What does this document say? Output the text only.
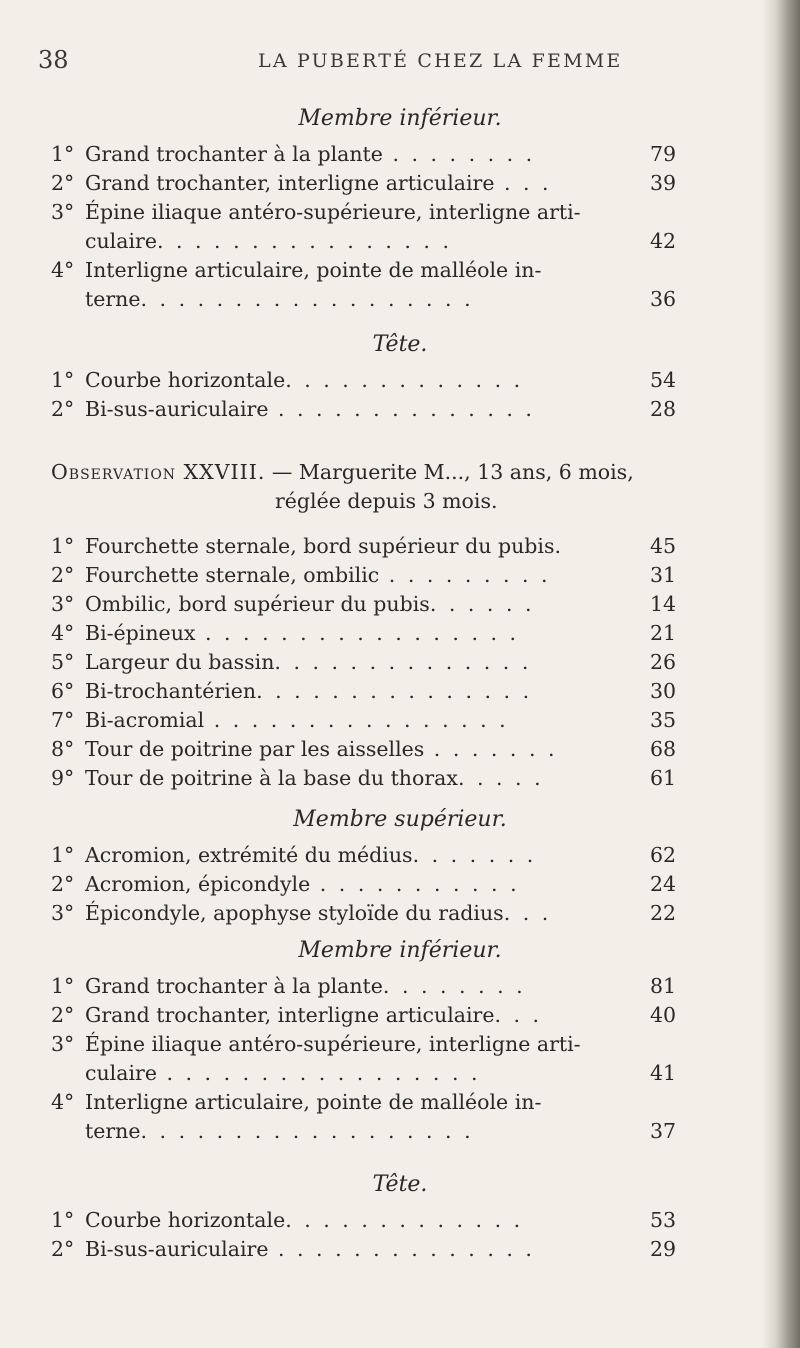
38	LA PUBERTÉ CHEZ LA FEMME
Membre inférieur.
1° Grand trochanter à la plante . . . . . . . .	79
2° Grand trochanter, interligne articulaire . . .	39
3° Épine iliaque antéro-supérieure, interligne arti-
culaire. . . . . . . . . . . . . . . .	42
4° Interligne articulaire, pointe de malléole in-
terne. . . . . . . . . . . . . . . . . .	36
Tête.
1° Courbe horizontale. . . . . . . . . . . . .	54
2° Bi-sus-auriculaire . . . . . . . . . . . . . .	28
Observation XXVIII. — Marguerite M..., 13 ans, 6 mois,
réglée depuis 3 mois.
1° Fourchette sternale, bord supérieur du pubis.	45
2° Fourchette sternale, ombilic . . . . . . . . .	31
3° Ombilic, bord supérieur du pubis. . . . . .	14
4° Bi-épineux . . . . . . . . . . . . . . . . .	21
5° Largeur du bassin. . . . . . . . . . . . . .	26
6° Bi-trochantérien. . . . . . . . . . . . . . .	30
7° Bi-acromial . . . . . . . . . . . . . . . .	35
8° Tour de poitrine par les aisselles . . . . . . .	68
9° Tour de poitrine à la base du thorax. . . . .	61
Membre supérieur.
1° Acromion, extrémité du médius. . . . . . .	62
2° Acromion, épicondyle . . . . . . . . . . .	24
3° Épicondyle, apophyse styloïde du radius. . .	22
Membre inférieur.
1° Grand trochanter à la plante. . . . . . . .	81
2° Grand trochanter, interligne articulaire. . .	40
3° Épine iliaque antéro-supérieure, interligne arti-
culaire . . . . . . . . . . . . . . . . .	41
4° Interligne articulaire, pointe de malléole in-
terne. . . . . . . . . . . . . . . . . .	37
Tête.
1° Courbe horizontale. . . . . . . . . . . . .	53
2° Bi-sus-auriculaire . . . . . . . . . . . . . .	29
